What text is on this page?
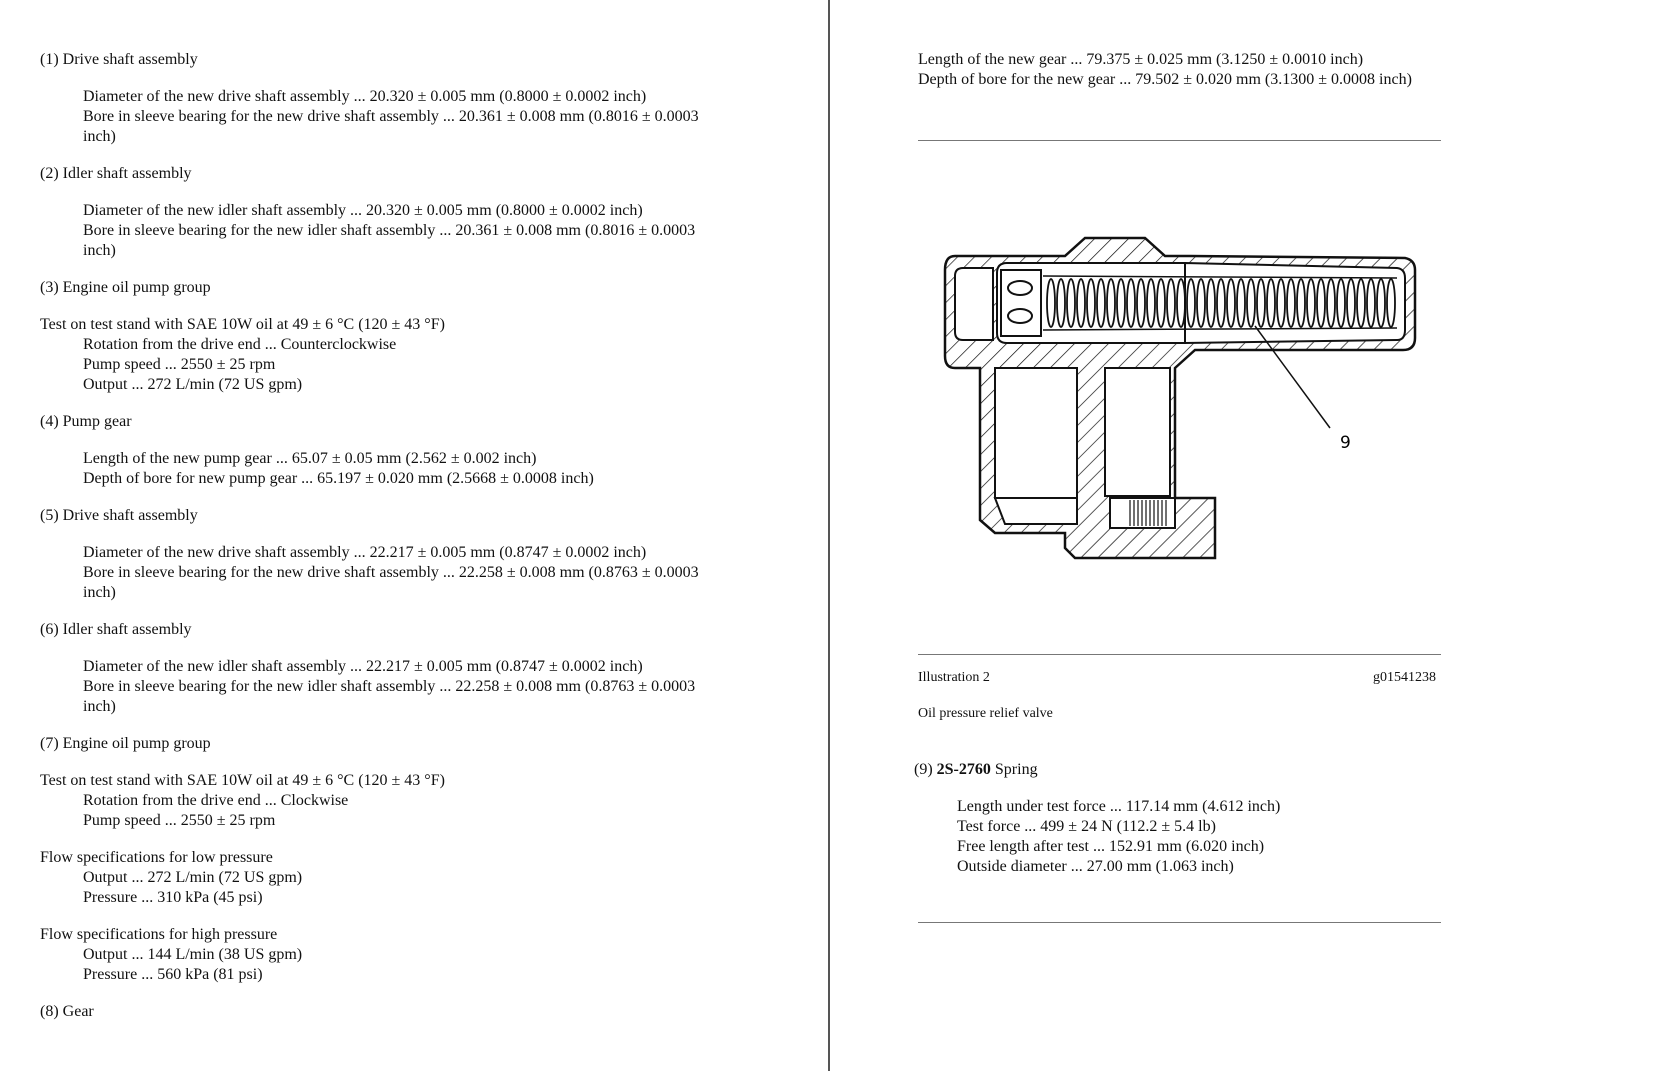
(1) Drive shaft assembly
Diameter of the new drive shaft assembly ... 20.320 ± 0.005 mm (0.8000 ± 0.0002 inch)
Bore in sleeve bearing for the new drive shaft assembly ... 20.361 ± 0.008 mm (0.8016 ± 0.0003
inch)
(2) Idler shaft assembly
Diameter of the new idler shaft assembly ... 20.320 ± 0.005 mm (0.8000 ± 0.0002 inch)
Bore in sleeve bearing for the new idler shaft assembly ... 20.361 ± 0.008 mm (0.8016 ± 0.0003
inch)
(3) Engine oil pump group
Test on test stand with SAE 10W oil at 49 ± 6 °C (120 ± 43 °F)
Rotation from the drive end ... Counterclockwise
Pump speed ... 2550 ± 25 rpm
Output ... 272 L/min (72 US gpm)
(4) Pump gear
Length of the new pump gear ... 65.07 ± 0.05 mm (2.562 ± 0.002 inch)
Depth of bore for new pump gear ... 65.197 ± 0.020 mm (2.5668 ± 0.0008 inch)
(5) Drive shaft assembly
Diameter of the new drive shaft assembly ... 22.217 ± 0.005 mm (0.8747 ± 0.0002 inch)
Bore in sleeve bearing for the new drive shaft assembly ... 22.258 ± 0.008 mm (0.8763 ± 0.0003
inch)
(6) Idler shaft assembly
Diameter of the new idler shaft assembly ... 22.217 ± 0.005 mm (0.8747 ± 0.0002 inch)
Bore in sleeve bearing for the new idler shaft assembly ... 22.258 ± 0.008 mm (0.8763 ± 0.0003
inch)
(7) Engine oil pump group
Test on test stand with SAE 10W oil at 49 ± 6 °C (120 ± 43 °F)
Rotation from the drive end ... Clockwise
Pump speed ... 2550 ± 25 rpm
Flow specifications for low pressure
Output ... 272 L/min (72 US gpm)
Pressure ... 310 kPa (45 psi)
Flow specifications for high pressure
Output ... 144 L/min (38 US gpm)
Pressure ... 560 kPa (81 psi)
(8) Gear
Length of the new gear ... 79.375 ± 0.025 mm (3.1250 ± 0.0010 inch)
Depth of bore for the new gear ... 79.502 ± 0.020 mm (3.1300 ± 0.0008 inch)
9
Illustration 2	g01541238
Oil pressure relief valve
(9) 2S-2760 Spring
Length under test force ... 117.14 mm (4.612 inch)
Test force ... 499 ± 24 N (112.2 ± 5.4 lb)
Free length after test ... 152.91 mm (6.020 inch)
Outside diameter ... 27.00 mm (1.063 inch)
